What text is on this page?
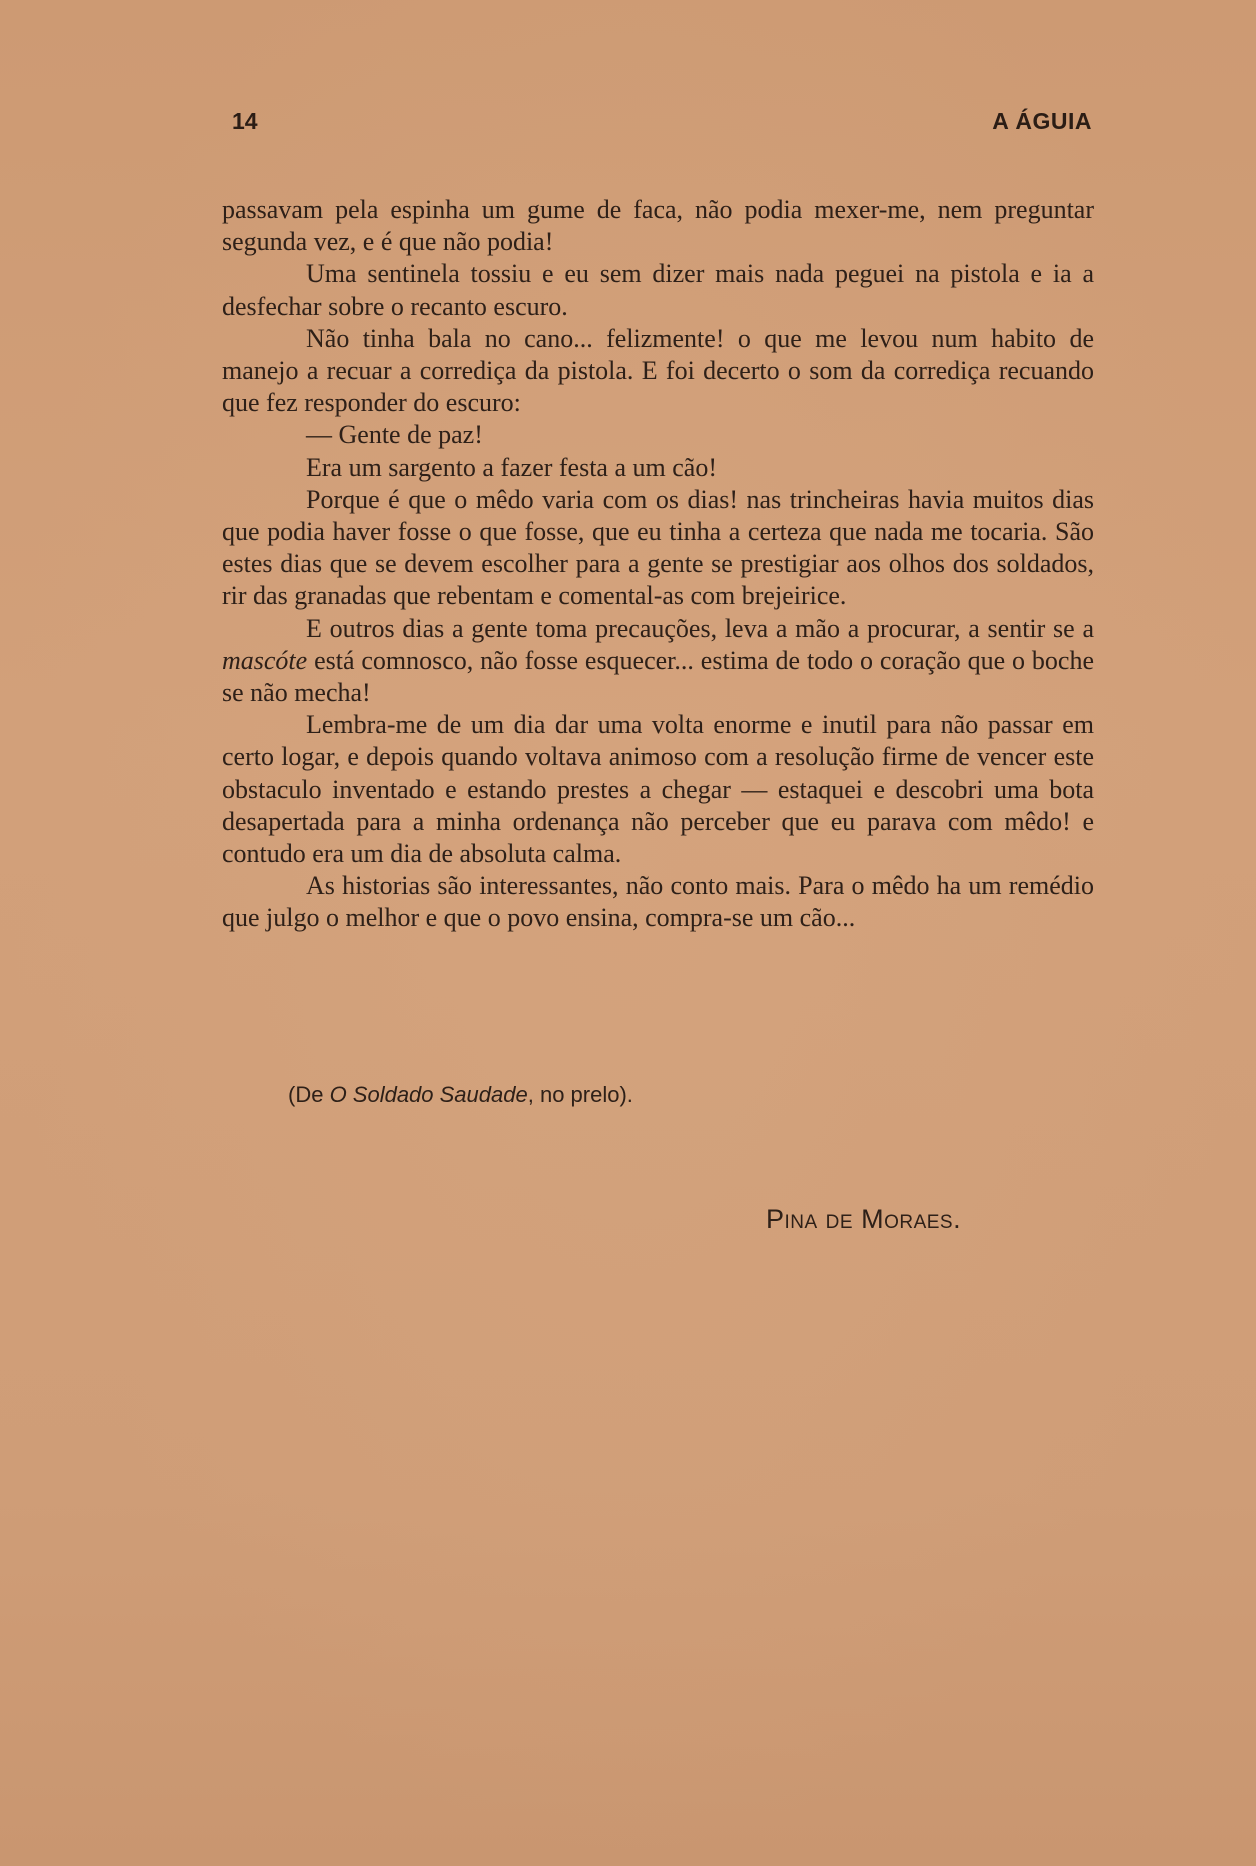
14	A ÁGUIA

passavam pela espinha um gume de faca, não podia mexer-me, nem preguntar segunda vez, e é que não podia!

Uma sentinela tossiu e eu sem dizer mais nada peguei na pistola e ia a desfechar sobre o recanto escuro.

Não tinha bala no cano... felizmente! o que me levou num habito de manejo a recuar a corrediça da pistola. E foi decerto o som da corrediça recuando que fez responder do escuro:

— Gente de paz!

Era um sargento a fazer festa a um cão!

Porque é que o mêdo varia com os dias! nas trincheiras havia muitos dias que podia haver fosse o que fosse, que eu tinha a certeza que nada me tocaria. São estes dias que se devem escolher para a gente se prestigiar aos olhos dos soldados, rir das granadas que rebentam e comental-as com brejeirice.

E outros dias a gente toma precauções, leva a mão a procurar, a sentir se a mascóte está comnosco, não fosse esquecer... estima de todo o coração que o boche se não mecha!

Lembra-me de um dia dar uma volta enorme e inutil para não passar em certo logar, e depois quando voltava animoso com a resolução firme de vencer este obstaculo inventado e estando prestes a chegar — estaquei e descobri uma bota desapertada para a minha ordenança não perceber que eu parava com mêdo! e contudo era um dia de absoluta calma.

As historias são interessantes, não conto mais. Para o mêdo ha um remédio que julgo o melhor e que o povo ensina, compra-se um cão...

(De O Soldado Saudade, no prelo).
Pina de Moraes.
